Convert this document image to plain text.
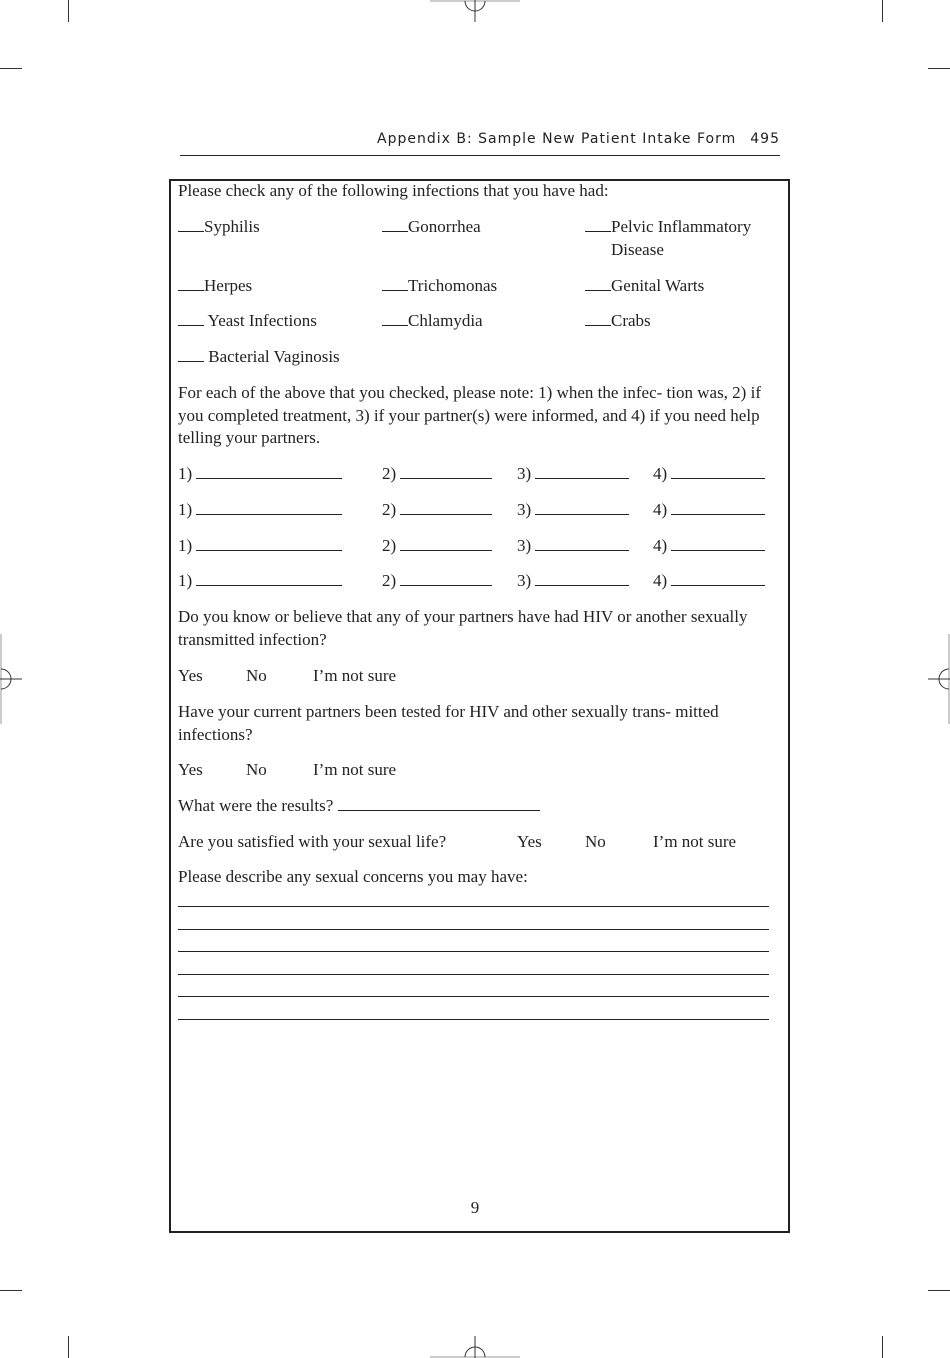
Appendix B: Sample New Patient Intake Form 495
Please check any of the following infections that you have had:
Syphilis	Gonorrhea	Pelvic Inflammatory Disease
Herpes	Trichomonas	Genital Warts
Yeast Infections	Chlamydia	Crabs
Bacterial Vaginosis
For each of the above that you checked, please note: 1) when the infec- tion was, 2) if you completed treatment, 3) if your partner(s) were informed, and 4) if you need help telling your partners.
1)	2)	3)	4)
1)	2)	3)	4)
1)	2)	3)	4)
1)	2)	3)	4)
Do you know or believe that any of your partners have had HIV or another sexually transmitted infection?
Yes	No	I’m not sure
Have your current partners been tested for HIV and other sexually trans- mitted infections?
Yes	No	I’m not sure
What were the results?
Are you satisfied with your sexual life?	Yes	No	I’m not sure
Please describe any sexual concerns you may have:
9
